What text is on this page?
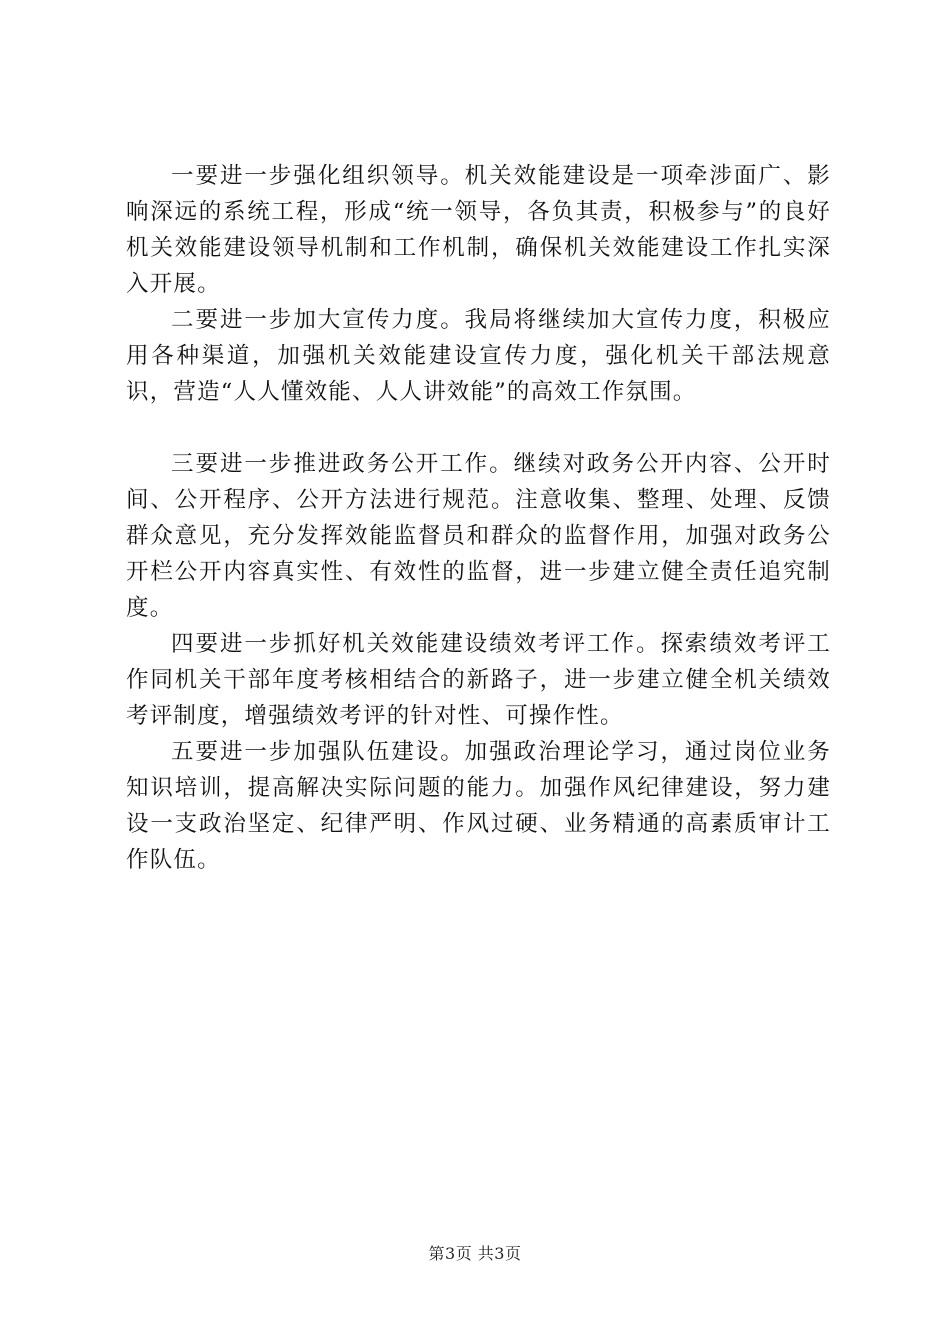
一要进一步强化组织领导。机关效能建设是一项牵涉面广、影响深远的系统工程，形成“统一领导，各负其责，积极参与”的良好机关效能建设领导机制和工作机制，确保机关效能建设工作扎实深入开展。

二要进一步加大宣传力度。我局将继续加大宣传力度，积极应用各种渠道，加强机关效能建设宣传力度，强化机关干部法规意识，营造“人人懂效能、人人讲效能”的高效工作氛围。

三要进一步推进政务公开工作。继续对政务公开内容、公开时间、公开程序、公开方法进行规范。注意收集、整理、处理、反馈群众意见，充分发挥效能监督员和群众的监督作用，加强对政务公开栏公开内容真实性、有效性的监督，进一步建立健全责任追究制度。

四要进一步抓好机关效能建设绩效考评工作。探索绩效考评工作同机关干部年度考核相结合的新路子，进一步建立健全机关绩效考评制度，增强绩效考评的针对性、可操作性。

五要进一步加强队伍建设。加强政治理论学习，通过岗位业务知识培训，提高解决实际问题的能力。加强作风纪律建设，努力建设一支政治坚定、纪律严明、作风过硬、业务精通的高素质审计工作队伍。

第3页 共3页
